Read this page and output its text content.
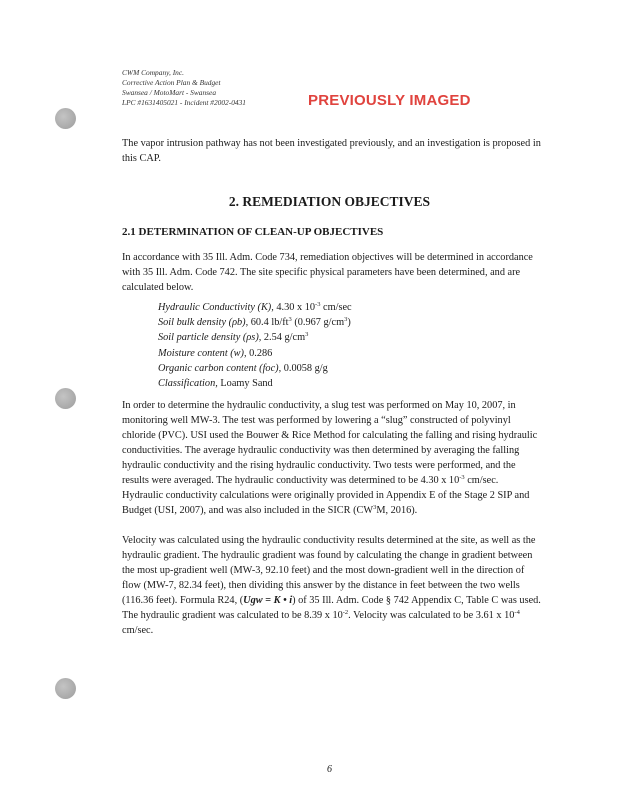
CWM Company, Inc.
Corrective Action Plan & Budget
Swansea / MotoMart - Swansea
LPC #1631405021 - Incident #2002-0431	PREVIOUSLY IMAGED
The vapor intrusion pathway has not been investigated previously, and an investigation is proposed in this CAP.
2. REMEDIATION OBJECTIVES
2.1 DETERMINATION OF CLEAN-UP OBJECTIVES
In accordance with 35 Ill. Adm. Code 734, remediation objectives will be determined in accordance with 35 Ill. Adm. Code 742. The site specific physical parameters have been determined, and are calculated below.
Hydraulic Conductivity (K), 4.30 x $10^{-3}$ cm/sec
Soil bulk density (ρb), 60.4 $lb/ft^3$ (0.967 $g/cm^3$)
Soil particle density (ρs), 2.54 $g/cm^3$
Moisture content (w), 0.286
Organic carbon content (foc), 0.0058 g/g
Classification, Loamy Sand
In order to determine the hydraulic conductivity, a slug test was performed on May 10, 2007, in monitoring well MW-3. The test was performed by lowering a “slug” constructed of polyvinyl chloride (PVC). USI used the Bouwer & Rice Method for calculating the falling and rising hydraulic conductivities. The average hydraulic conductivity was then determined by averaging the falling hydraulic conductivity and the rising hydraulic conductivity. Two tests were performed, and the results were averaged. The hydraulic conductivity was determined to be 4.30 x $10^{-3}$ cm/sec. Hydraulic conductivity calculations were originally provided in Appendix E of the Stage 2 SIP and Budget (USI, 2007), and was also included in the SICR ($CW^3M$, 2016).
Velocity was calculated using the hydraulic conductivity results determined at the site, as well as the hydraulic gradient. The hydraulic gradient was found by calculating the change in gradient between the most up-gradient well (MW-3, 92.10 feet) and the most down-gradient well in the direction of flow (MW-7, 82.34 feet), then dividing this answer by the distance in feet between the two wells (116.36 feet). Formula R24, (Ugw = K • i) of 35 Ill. Adm. Code § 742 Appendix C, Table C was used. The hydraulic gradient was calculated to be 8.39 x $10^{-2}$. Velocity was calculated to be 3.61 x $10^{-4}$ cm/sec.
6
